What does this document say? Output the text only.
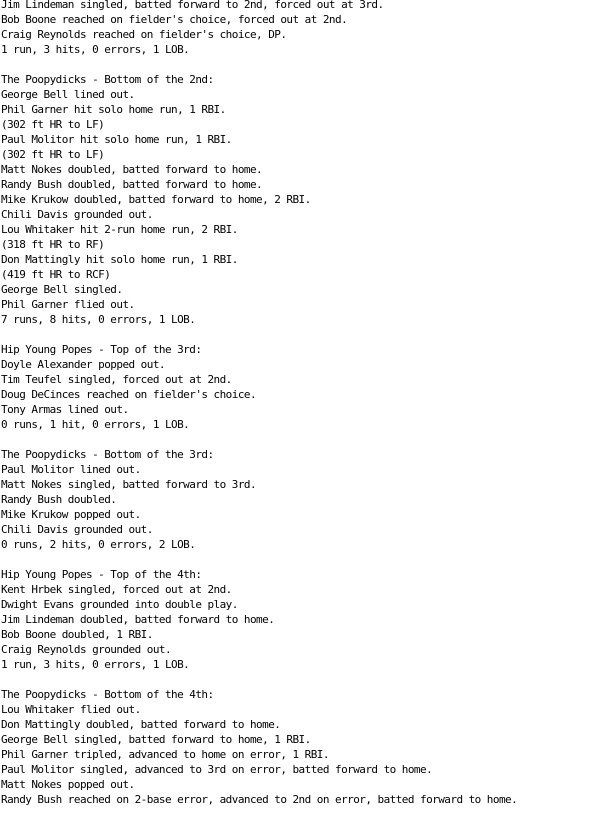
Jim Lindeman singled, batted forward to 2nd, forced out at 3rd.
Bob Boone reached on fielder's choice, forced out at 2nd.
Craig Reynolds reached on fielder's choice, DP.
1 run, 3 hits, 0 errors, 1 LOB.
The Poopydicks - Bottom of the 2nd:
George Bell lined out.
Phil Garner hit solo home run, 1 RBI.
(302 ft HR to LF)
Paul Molitor hit solo home run, 1 RBI.
(302 ft HR to LF)
Matt Nokes doubled, batted forward to home.
Randy Bush doubled, batted forward to home.
Mike Krukow doubled, batted forward to home, 2 RBI.
Chili Davis grounded out.
Lou Whitaker hit 2-run home run, 2 RBI.
(318 ft HR to RF)
Don Mattingly hit solo home run, 1 RBI.
(419 ft HR to RCF)
George Bell singled.
Phil Garner flied out.
7 runs, 8 hits, 0 errors, 1 LOB.
Hip Young Popes - Top of the 3rd:
Doyle Alexander popped out.
Tim Teufel singled, forced out at 2nd.
Doug DeCinces reached on fielder's choice.
Tony Armas lined out.
0 runs, 1 hit, 0 errors, 1 LOB.
The Poopydicks - Bottom of the 3rd:
Paul Molitor lined out.
Matt Nokes singled, batted forward to 3rd.
Randy Bush doubled.
Mike Krukow popped out.
Chili Davis grounded out.
0 runs, 2 hits, 0 errors, 2 LOB.
Hip Young Popes - Top of the 4th:
Kent Hrbek singled, forced out at 2nd.
Dwight Evans grounded into double play.
Jim Lindeman doubled, batted forward to home.
Bob Boone doubled, 1 RBI.
Craig Reynolds grounded out.
1 run, 3 hits, 0 errors, 1 LOB.
The Poopydicks - Bottom of the 4th:
Lou Whitaker flied out.
Don Mattingly doubled, batted forward to home.
George Bell singled, batted forward to home, 1 RBI.
Phil Garner tripled, advanced to home on error, 1 RBI.
Paul Molitor singled, advanced to 3rd on error, batted forward to home.
Matt Nokes popped out.
Randy Bush reached on 2-base error, advanced to 2nd on error, batted forward to home.
